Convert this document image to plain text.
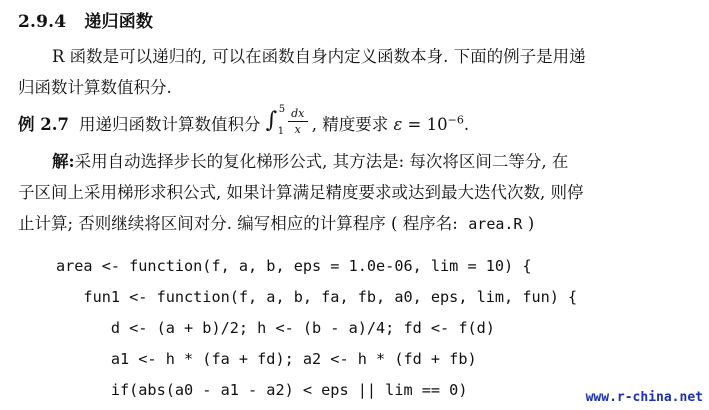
2.9.4 递归函数
R 函数是可以递归的, 可以在函数自身内定义函数本身. 下面的例子是用递
归函数计算数值积分.
例 2.7 用递归函数计算数值积分 ∫ 5
1
dx
x , 精度要求 $\varepsilon = 10^{-6}$.
解:采用自动选择步长的复化梯形公式, 其方法是: 每次将区间二等分, 在
子区间上采用梯形求积公式, 如果计算满足精度要求或达到最大迭代次数, 则停
止计算; 否则继续将区间对分. 编写相应的计算程序 ( 程序名: area.R )
area <- function(f, a, b, eps = 1.0e-06, lim = 10) {
fun1 <- function(f, a, b, fa, fb, a0, eps, lim, fun) {
d <- (a + b)/2; h <- (b - a)/4; fd <- f(d)
a1 <- h * (fa + fd); a2 <- h * (fd + fb)
if(abs(a0 - a1 - a2) < eps || lim == 0)	www.r-china.net
